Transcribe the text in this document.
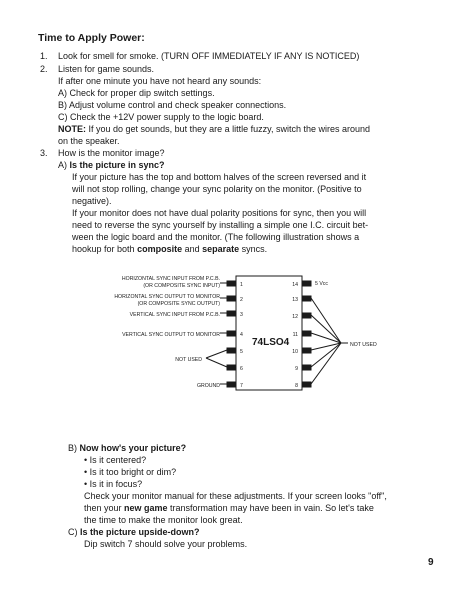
Time to Apply Power:
1. Look for smell for smoke. (TURN OFF IMMEDIATELY IF ANY IS NOTICED)
2. Listen for game sounds.
If after one minute you have not heard any sounds:
A) Check for proper dip switch settings.
B) Adjust volume control and check speaker connections.
C) Check the +12V power supply to the logic board.
NOTE: If you do get sounds, but they are a little fuzzy, switch the wires around
on the speaker.
3. How is the monitor image?
A) Is the picture in sync?
If your picture has the top and bottom halves of the screen reversed and it
will not stop rolling, change your sync polarity on the monitor. (Positive to
negative).
If your monitor does not have dual polarity positions for sync, then you will
need to reverse the sync yourself by installing a simple one I.C. circuit bet-
ween the logic board and the monitor. (The following illustration shows a
hookup for both composite and separate syncs.
HORIZONTAL SYNC INPUT FROM P.C.B.
(OR COMPOSITE SYNC INPUT)
HORIZONTAL SYNC OUTPUT TO MONITOR
(OR COMPOSITE SYNC OUTPUT)
VERTICAL SYNC INPUT FROM P.C.B.
VERTICAL SYNC OUTPUT TO MONITOR
NOT USED
GROUND
5 Vcc
NOT USED
1
2
3
4
5
6
7
14
13
12
11
10
9
8
74LSO4
B) Now how's your picture?
• Is it centered?
• Is it too bright or dim?
• Is it in focus?
Check your monitor manual for these adjustments. If your screen looks "off",
then your new game transformation may have been in vain. So let's take
the time to make the monitor look great.
C) Is the picture upside-down?
Dip switch 7 should solve your problems.
9
